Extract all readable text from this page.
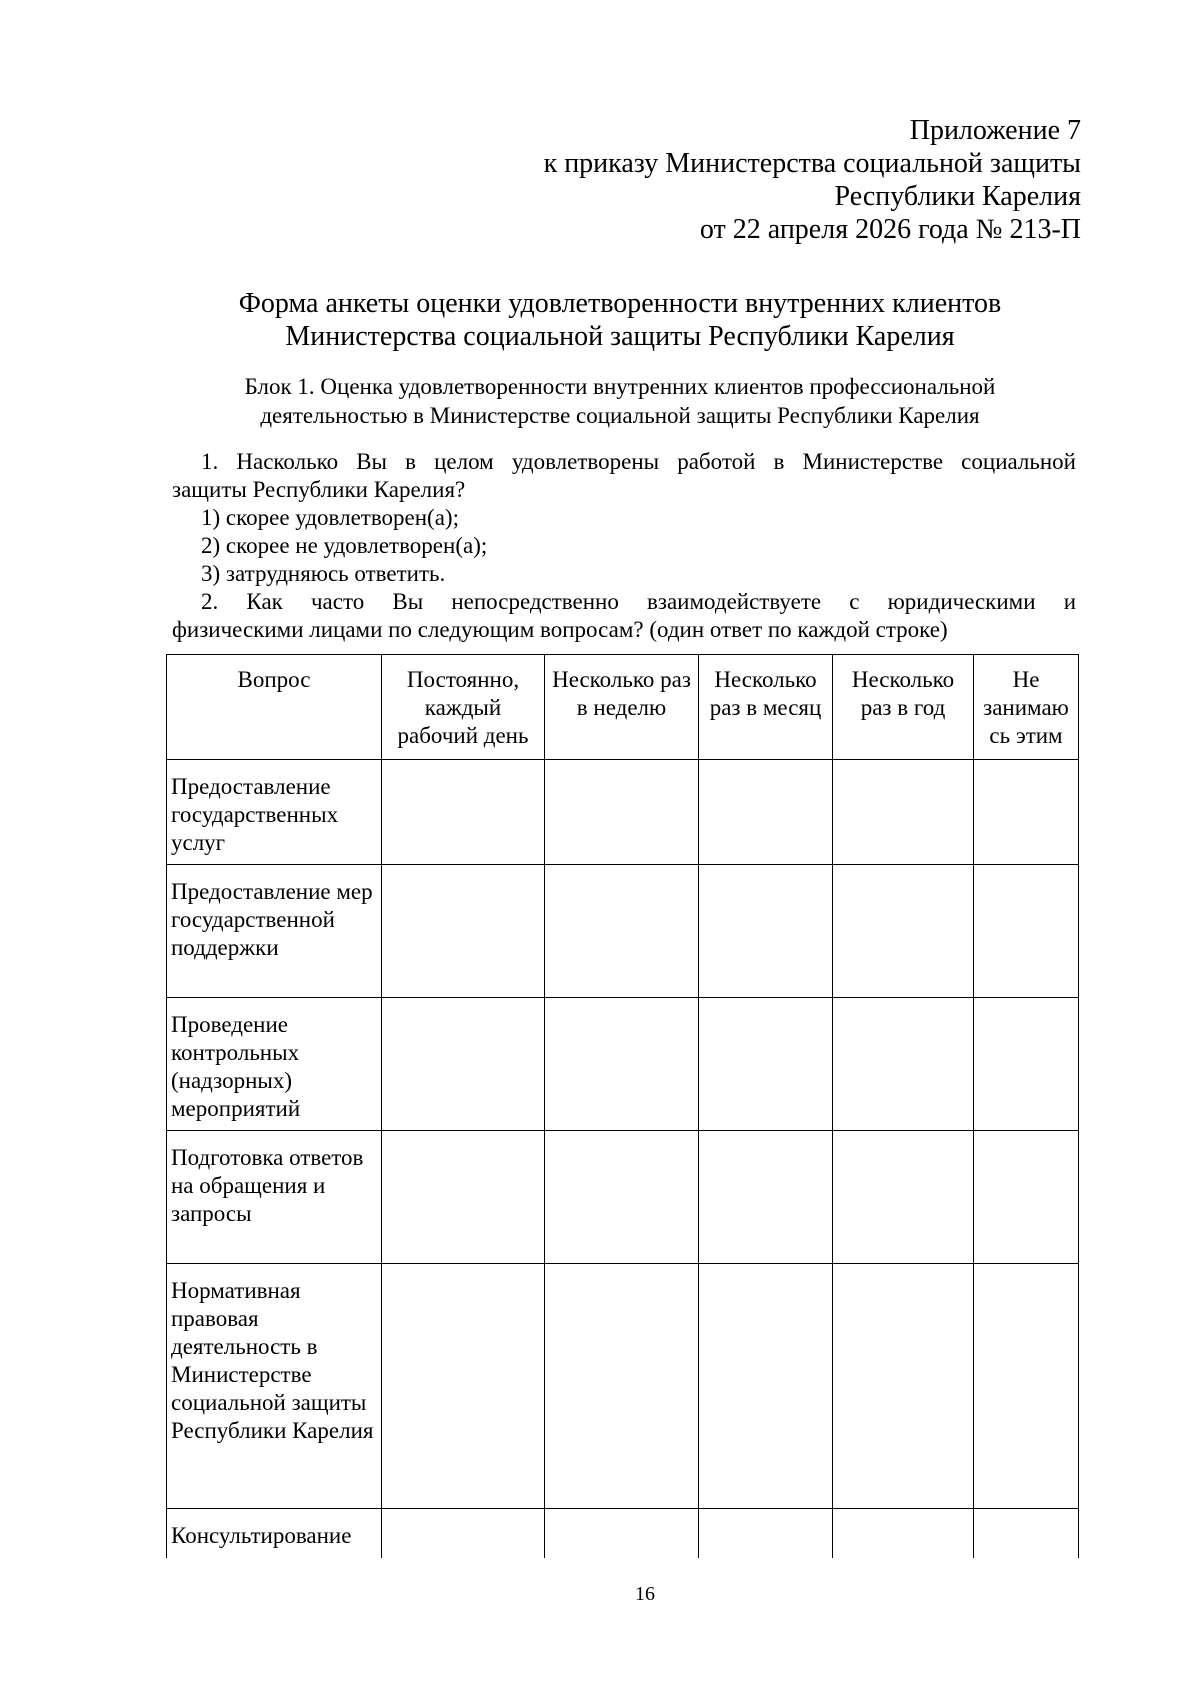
Приложение 7
к приказу Министерства социальной защиты
Республики Карелия
от 22 апреля 2026 года № 213-П
Форма анкеты оценки удовлетворенности внутренних клиентов
Министерства социальной защиты Республики Карелия
Блок 1. Оценка удовлетворенности внутренних клиентов профессиональной
деятельностью в Министерстве социальной защиты Республики Карелия

1. Насколько Вы в целом удовлетворены работой в Министерстве социальной

защиты Республики Карелия?

1) скорее удовлетворен(а);

2) скорее не удовлетворен(а);

3) затрудняюсь ответить.

2. Как часто Вы непосредственно взаимодействуете с юридическими и

физическими лицами по следующим вопросам? (один ответ по каждой строке)

Вопрос	Постоянно, каждый рабочий день	Несколько раз в неделю	Несколько раз в месяц	Несколько раз в год	Не занимаю сь этим
Предоставление государственных услуг					
Предоставление мер государственной поддержки					
Проведение контрольных (надзорных) мероприятий					
Подготовка ответов на обращения и запросы					
Нормативная правовая деятельность в Министерстве социальной защиты Республики Карелия					
Консультирование					
16
